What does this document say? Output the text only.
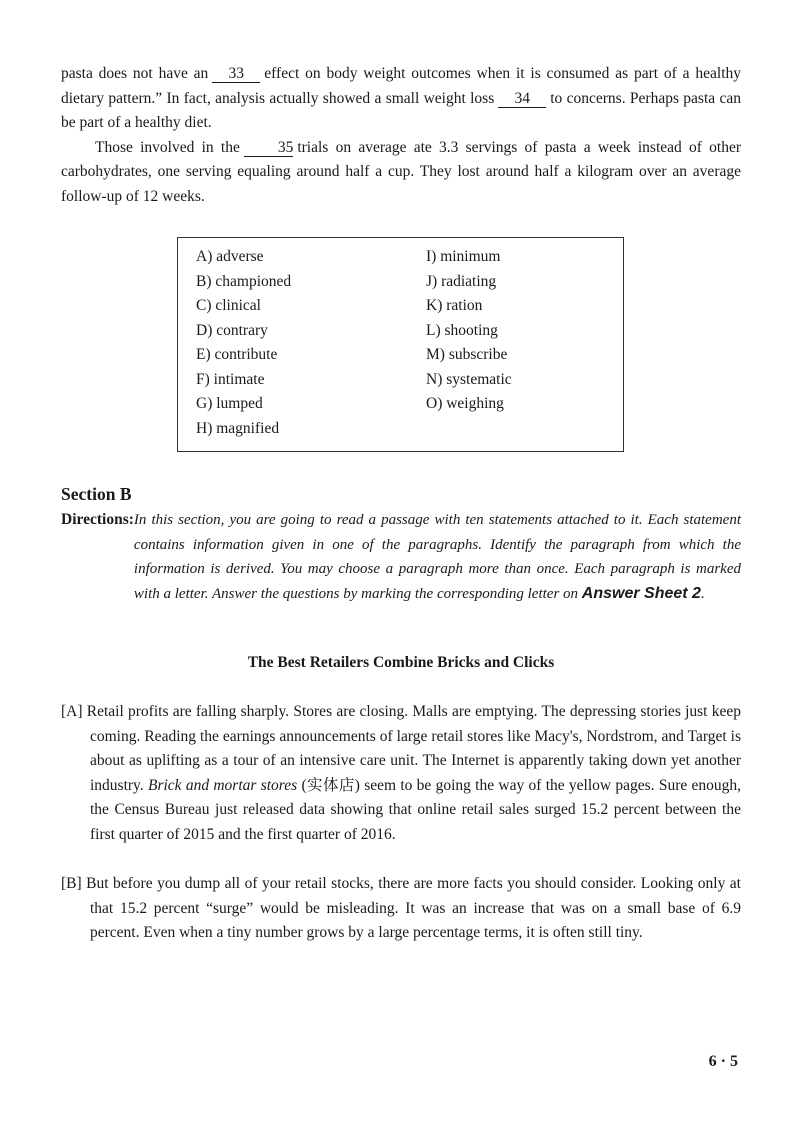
pasta does not have an 33 effect on body weight outcomes when it is consumed as part of a healthy dietary pattern.” In fact, analysis actually showed a small weight loss 34 to concerns. Perhaps pasta can be part of a healthy diet.

Those involved in the 35 trials on average ate 3.3 servings of pasta a week instead of other carbohydrates, one serving equaling around half a cup. They lost around half a kilogram over an average follow-up of 12 weeks.

A) adverse
B) championed
C) clinical
D) contrary
E) contribute
F) intimate
G) lumped
H) magnified
I) minimum
J) radiating
K) ration
L) shooting
M) subscribe
N) systematic
O) weighing
Section B
Directions: In this section, you are going to read a passage with ten statements attached to it. Each statement contains information given in one of the paragraphs. Identify the paragraph from which the information is derived. You may choose a paragraph more than once. Each paragraph is marked with a letter. Answer the questions by marking the corresponding letter on Answer Sheet 2.
The Best Retailers Combine Bricks and Clicks

[A] Retail profits are falling sharply. Stores are closing. Malls are emptying. The depressing stories just keep coming. Reading the earnings announcements of large retail stores like Macy's, Nordstrom, and Target is about as uplifting as a tour of an intensive care unit. The Internet is apparently taking down yet another industry. Brick and mortar stores (实体店) seem to be going the way of the yellow pages. Sure enough, the Census Bureau just released data showing that online retail sales surged 15.2 percent between the first quarter of 2015 and the first quarter of 2016.

[B] But before you dump all of your retail stocks, there are more facts you should consider. Looking only at that 15.2 percent “surge” would be misleading. It was an increase that was on a small base of 6.9 percent. Even when a tiny number grows by a large percentage terms, it is often still tiny.

6 · 5
